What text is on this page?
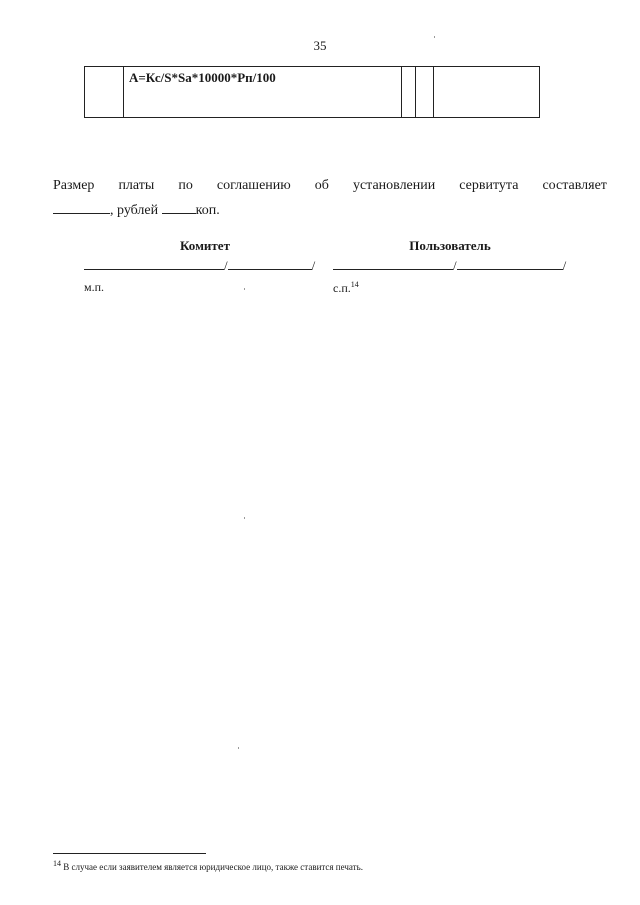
35
A=Кс/S*Sa*10000*Рп/100
Размер платы по соглашению об установлении сервитута составляет
, рублей	коп.
Комитет	Пользователь
/	/	/	/
м.п.	с.п.$^{14}$
$^{14}$ В случае если заявителем является юридическое лицо, также ставится печать.
